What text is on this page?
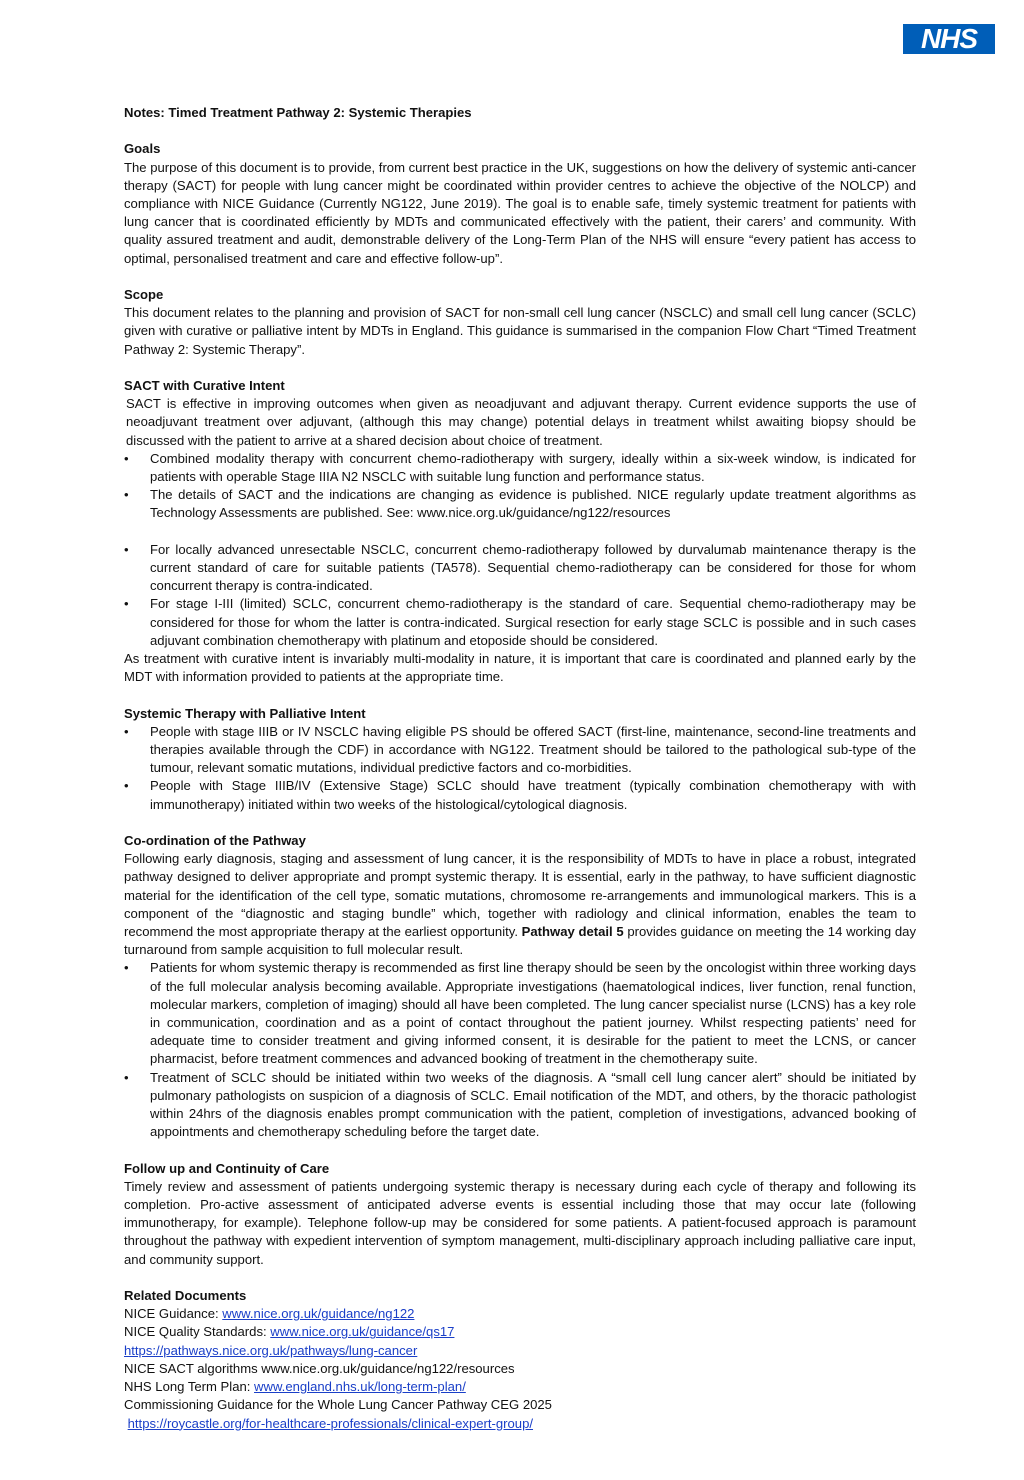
NHS
Notes: Timed Treatment Pathway 2: Systemic Therapies
Goals

The purpose of this document is to provide, from current best practice in the UK, suggestions on how the delivery of systemic anti-cancer therapy (SACT) for people with lung cancer might be coordinated within provider centres to achieve the objective of the NOLCP) and compliance with NICE Guidance (Currently NG122, June 2019). The goal is to enable safe, timely systemic treatment for patients with lung cancer that is coordinated efficiently by MDTs and communicated effectively with the patient, their carers’ and community. With quality assured treatment and audit, demonstrable delivery of the Long-Term Plan of the NHS will ensure “every patient has access to optimal, personalised treatment and care and effective follow-up”.

Scope

This document relates to the planning and provision of SACT for non-small cell lung cancer (NSCLC) and small cell lung cancer (SCLC) given with curative or palliative intent by MDTs in England. This guidance is summarised in the companion Flow Chart “Timed Treatment Pathway 2: Systemic Therapy”.

SACT with Curative Intent

SACT is effective in improving outcomes when given as neoadjuvant and adjuvant therapy. Current evidence supports the use of neoadjuvant treatment over adjuvant, (although this may change) potential delays in treatment whilst awaiting biopsy should be discussed with the patient to arrive at a shared decision about choice of treatment.

• Combined modality therapy with concurrent chemo-radiotherapy with surgery, ideally within a six-week window, is indicated for patients with operable Stage IIIA N2 NSCLC with suitable lung function and performance status.
• The details of SACT and the indications are changing as evidence is published. NICE regularly update treatment algorithms as Technology Assessments are published. See: www.nice.org.uk/guidance/ng122/resources
• For locally advanced unresectable NSCLC, concurrent chemo-radiotherapy followed by durvalumab maintenance therapy is the current standard of care for suitable patients (TA578). Sequential chemo-radiotherapy can be considered for those for whom concurrent therapy is contra-indicated.
• For stage I-III (limited) SCLC, concurrent chemo-radiotherapy is the standard of care. Sequential chemo-radiotherapy may be considered for those for whom the latter is contra-indicated. Surgical resection for early stage SCLC is possible and in such cases adjuvant combination chemotherapy with platinum and etoposide should be considered.

As treatment with curative intent is invariably multi-modality in nature, it is important that care is coordinated and planned early by the MDT with information provided to patients at the appropriate time.

Systemic Therapy with Palliative Intent
• People with stage IIIB or IV NSCLC having eligible PS should be offered SACT (first-line, maintenance, second-line treatments and therapies available through the CDF) in accordance with NG122. Treatment should be tailored to the pathological sub-type of the tumour, relevant somatic mutations, individual predictive factors and co-morbidities.
• People with Stage IIIB/IV (Extensive Stage) SCLC should have treatment (typically combination chemotherapy with with immunotherapy) initiated within two weeks of the histological/cytological diagnosis.
Co-ordination of the Pathway

Following early diagnosis, staging and assessment of lung cancer, it is the responsibility of MDTs to have in place a robust, integrated pathway designed to deliver appropriate and prompt systemic therapy. It is essential, early in the pathway, to have sufficient diagnostic material for the identification of the cell type, somatic mutations, chromosome re-arrangements and immunological markers. This is a component of the “diagnostic and staging bundle” which, together with radiology and clinical information, enables the team to recommend the most appropriate therapy at the earliest opportunity. Pathway detail 5 provides guidance on meeting the 14 working day turnaround from sample acquisition to full molecular result.

• Patients for whom systemic therapy is recommended as first line therapy should be seen by the oncologist within three working days of the full molecular analysis becoming available. Appropriate investigations (haematological indices, liver function, renal function, molecular markers, completion of imaging) should all have been completed. The lung cancer specialist nurse (LCNS) has a key role in communication, coordination and as a point of contact throughout the patient journey. Whilst respecting patients’ need for adequate time to consider treatment and giving informed consent, it is desirable for the patient to meet the LCNS, or cancer pharmacist, before treatment commences and advanced booking of treatment in the chemotherapy suite.
• Treatment of SCLC should be initiated within two weeks of the diagnosis. A “small cell lung cancer alert” should be initiated by pulmonary pathologists on suspicion of a diagnosis of SCLC. Email notification of the MDT, and others, by the thoracic pathologist within 24hrs of the diagnosis enables prompt communication with the patient, completion of investigations, advanced booking of appointments and chemotherapy scheduling before the target date.
Follow up and Continuity of Care

Timely review and assessment of patients undergoing systemic therapy is necessary during each cycle of therapy and following its completion. Pro-active assessment of anticipated adverse events is essential including those that may occur late (following immunotherapy, for example). Telephone follow-up may be considered for some patients. A patient-focused approach is paramount throughout the pathway with expedient intervention of symptom management, multi-disciplinary approach including palliative care input, and community support.

Related Documents
NICE Guidance: www.nice.org.uk/guidance/ng122
NICE Quality Standards: www.nice.org.uk/guidance/qs17
https://pathways.nice.org.uk/pathways/lung-cancer
NICE SACT algorithms www.nice.org.uk/guidance/ng122/resources
NHS Long Term Plan: www.england.nhs.uk/long-term-plan/
Commissioning Guidance for the Whole Lung Cancer Pathway CEG 2025
https://roycastle.org/for-healthcare-professionals/clinical-expert-group/
